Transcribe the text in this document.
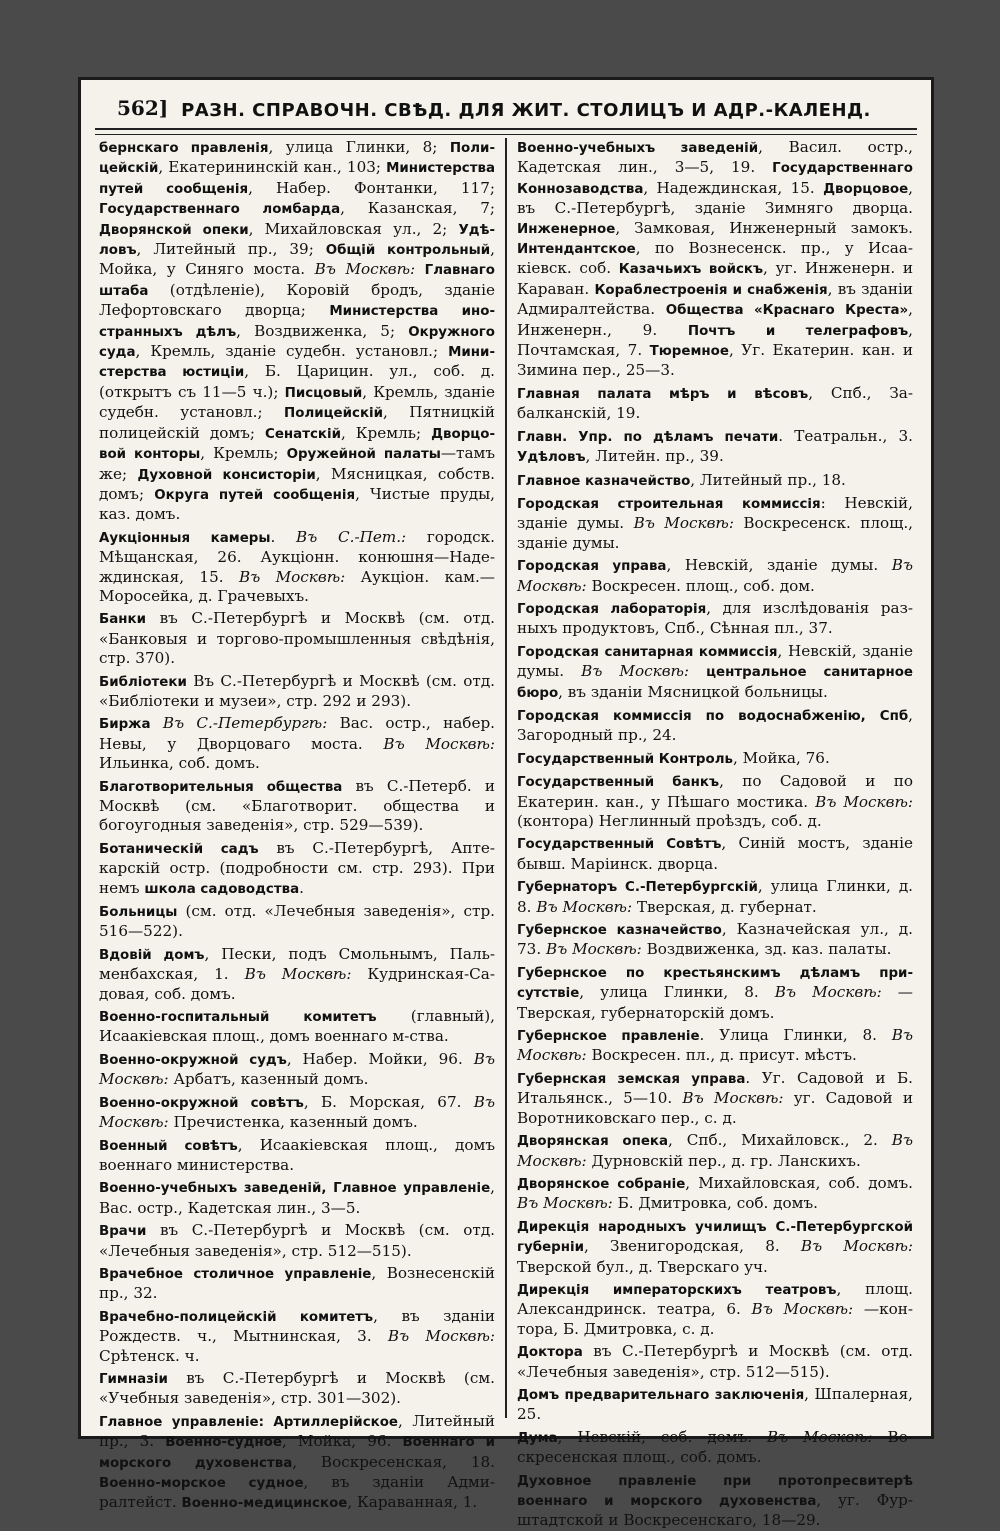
562] РАЗН. СПРАВОЧН. СВѢД. ДЛЯ ЖИТ. СТОЛИЦЪ И АДР.-КАЛЕНД.

бернскаго правленія, улица Глинки, 8; Полицейскій, Екатерининскій кан., 103; Министерства путей сообщенія, Набер. Фонтанки, 117; Государственнаго ломбарда, Казанская, 7; Дворянской опеки, Михайловская ул., 2; Удѣловъ, Литейный пр., 39; Общій контрольный, Мойка, у Синяго моста. Въ Москвѣ: Главнаго штаба (отдѣленіе), Коровій бродъ, зданіе Лефортовскаго дворца; Министерства иностранныхъ дѣлъ, Воздвиженка, 5; Окружного суда, Кремль, зданіе судебн. установл.; Министерства юстиціи, Б. Царицин. ул., соб. д. (открытъ съ 11—5 ч.); Писцовый, Кремль, зданіе судебн. установл.; Полицейскій, Пятницкій полицейскій домъ; Сенатскій, Кремль; Дворцовой конторы, Кремль; Оружейной палаты—тамъ же; Духовной консисторіи, Мясницкая, собств. домъ; Округа путей сообщенія, Чистые пруды, каз. домъ.

Аукціонныя камеры. Въ С.-Пет.: городск. Мѣщанская, 26. Аукціонн. конюшня—Надеждинская, 15. Въ Москвѣ: Аукціон. кам.—Моросейка, д. Грачевыхъ.

Банки въ С.-Петербургѣ и Москвѣ (см. отд. «Банковыя и торгово-промышленныя свѣдѣнія, стр. 370).

Библіотеки Въ С.-Петербургѣ и Москвѣ (см. отд. «Библіотеки и музеи», стр. 292 и 293).

Биржа Въ С.-Петербургѣ: Вас. остр., набер. Невы, у Дворцоваго моста. Въ Москвѣ: Ильинка, соб. домъ.

Благотворительныя общества въ С.-Петерб. и Москвѣ (см. «Благотворит. общества и богоугодныя заведенія», стр. 529—539).

Ботаническій садъ въ С.-Петербургѣ, Аптекарскій остр. (подробности см. стр. 293). При немъ школа садоводства.

Больницы (см. отд. «Лечебныя заведенія», стр. 516—522).

Вдовій домъ, Пески, подъ Смольнымъ, Пальменбахская, 1. Въ Москвѣ: Кудринская-Садовая, соб. домъ.

Военно-госпитальный комитетъ (главный), Исаакіевская площ., домъ военнаго м-ства.

Военно-окружной судъ, Набер. Мойки, 96. Въ Москвѣ: Арбатъ, казенный домъ.

Военно-окружной совѣтъ, Б. Морская, 67. Въ Москвѣ: Пречистенка, казенный домъ.

Военный совѣтъ, Исаакіевская площ., домъ военнаго министерства.

Военно-учебныхъ заведеній, Главное управленіе, Вас. остр., Кадетская лин., 3—5.

Врачи въ С.-Петербургѣ и Москвѣ (см. отд. «Лечебныя заведенія», стр. 512—515).

Врачебное столичное управленіе, Вознесенскій пр., 32.

Врачебно-полицейскій комитетъ, въ зданіи Рождеств. ч., Мытнинская, 3. Въ Москвѣ: Срѣтенск. ч.

Гимназіи въ С.-Петербургѣ и Москвѣ (см. «Учебныя заведенія», стр. 301—302).

Главное управленіе: Артиллерійское, Литейный пр., 3. Военно-судное, Мойка, 96. Военнаго и морского духовенства, Воскресенская, 18. Военно-морское судное, въ зданіи Адмиралтейст. Военно-медицинское, Караванная, 1.

Военно-учебныхъ заведеній, Васил. остр., Кадетская лин., 3—5, 19. Государственнаго Коннозаводства, Надеждинская, 15. Дворцовое, въ С.-Петербургѣ, зданіе Зимняго дворца. Инженерное, Замковая, Инженерный замокъ. Интендантское, по Вознесенск. пр., у Исаакіевск. соб. Казачьихъ войскъ, уг. Инженерн. и Караван. Кораблестроенія и снабженія, въ зданіи Адмиралтейства. Общества «Краснаго Креста», Инженерн., 9. Почтъ и телеграфовъ, Почтамская, 7. Тюремное, Уг. Екатерин. кан. и Зимина пер., 25—3.

Главная палата мѣръ и вѣсовъ, Спб., Забалканскій, 19.

Главн. Упр. по дѣламъ печати. Театральн., 3. Удѣловъ, Литейн. пр., 39.

Главное казначейство, Литейный пр., 18.

Городская строительная коммиссія: Невскій, зданіе думы. Въ Москвѣ: Воскресенск. площ., зданіе думы.

Городская управа, Невскій, зданіе думы. Въ Москвѣ: Воскресен. площ., соб. дом.

Городская лабораторія, для изслѣдованія разныхъ продуктовъ, Спб., Сѣнная пл., 37.

Городская санитарная коммиссія, Невскій, зданіе думы. Въ Москвѣ: центральное санитарное бюро, въ зданіи Мясницкой больницы.

Городская коммиссія по водоснабженію, Спб, Загородный пр., 24.

Государственный Контроль, Мойка, 76.

Государственный банкъ, по Садовой и по Екатерин. кан., у Пѣшаго мостика. Въ Москвѣ: (контора) Неглинный проѣздъ, соб. д.

Государственный Совѣтъ, Синій мостъ, зданіе бывш. Маріинск. дворца.

Губернаторъ С.-Петербургскій, улица Глинки, д. 8. Въ Москвѣ: Тверская, д. губернат.

Губернское казначейство, Казначейская ул., д. 73. Въ Москвѣ: Воздвиженка, зд. каз. палаты.

Губернское по крестьянскимъ дѣламъ присутствіе, улица Глинки, 8. Въ Москвѣ: — Тверская, губернаторскій домъ.

Губернское правленіе. Улица Глинки, 8. Въ Москвѣ: Воскресен. пл., д. присут. мѣстъ.

Губернская земская управа. Уг. Садовой и Б. Итальянск., 5—10. Въ Москвѣ: уг. Садовой и Воротниковскаго пер., с. д.

Дворянская опека, Спб., Михайловск., 2. Въ Москвѣ: Дурновскій пер., д. гр. Ланскихъ.

Дворянское собраніе, Михайловская, соб. домъ. Въ Москвѣ: Б. Дмитровка, соб. домъ.

Дирекція народныхъ училищъ С.-Петербургской губерніи, Звенигородская, 8. Въ Москвѣ: Тверской бул., д. Тверскаго уч.

Дирекція императорскихъ театровъ, площ. Александринск. театра, 6. Въ Москвѣ: —контора, Б. Дмитровка, с. д.

Доктора въ С.-Петербургѣ и Москвѣ (см. отд. «Лечебныя заведенія», стр. 512—515).

Домъ предварительнаго заключенія, Шпалерная, 25.

Дума, Невскій, соб. домъ. Въ Москвѣ: Воскресенская площ., соб. домъ.

Духовное правленіе при протопресвитерѣ военнаго и морского духовенства, уг. Фурштадтской и Воскресенскаго, 18—29.
